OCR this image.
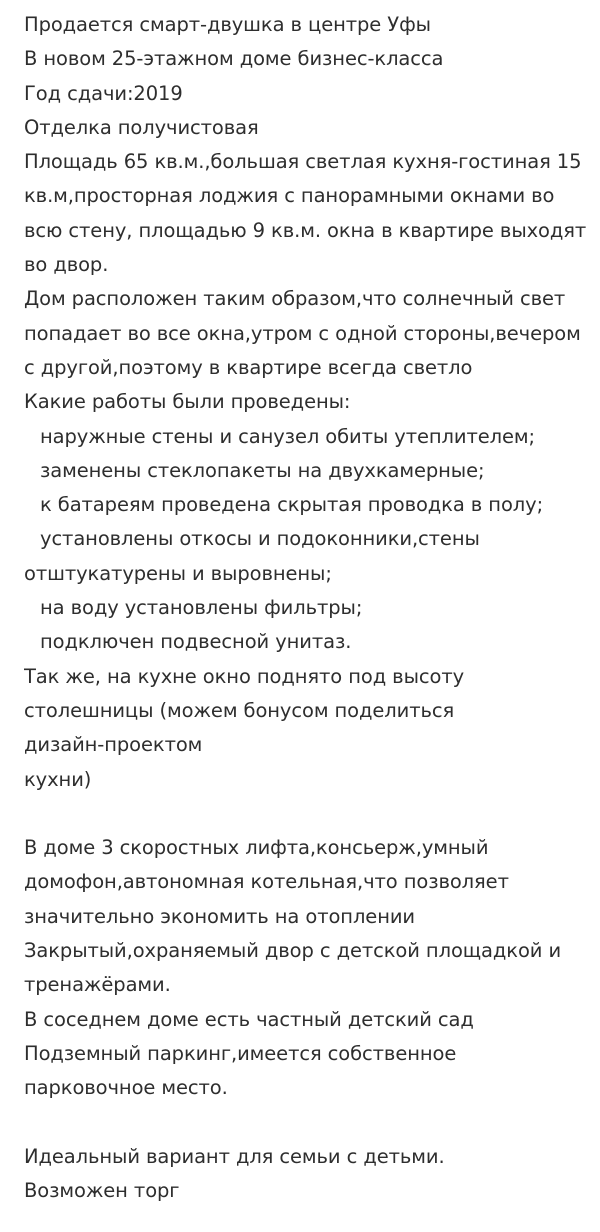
Продается смарт-двушка в центре Уфы
В новом 25-этажном доме бизнес-класса
Год сдачи:2019
Отделка получистовая
Площадь 65 кв.м.,большая светлая кухня-гостиная 15
кв.м,просторная лоджия с панорамными окнами во
всю стену, площадью 9 кв.м. окна в квартире выходят
во двор.
Дом расположен таким образом,что солнечный свет
попадает во все окна,утром с одной стороны,вечером
с другой,поэтому в квартире всегда светло
Какие работы были проведены:
наружные стены и санузел обиты утеплителем;
заменены стеклопакеты на двухкамерные;
к батареям проведена скрытая проводка в полу;
установлены откосы и подоконники,стены
отштукатурены и выровнены;
на воду установлены фильтры;
подключен подвесной унитаз.
Так же, на кухне окно поднято под высоту
столешницы (можем бонусом поделиться
дизайн-проектом
кухни)
В доме 3 скоростных лифта,консьерж,умный
домофон,автономная котельная,что позволяет
значительно экономить на отоплении
Закрытый,охраняемый двор с детской площадкой и
тренажёрами.
В соседнем доме есть частный детский сад
Подземный паркинг,имеется собственное
парковочное место.
Идеальный вариант для семьи с детьми.
Возможен торг
